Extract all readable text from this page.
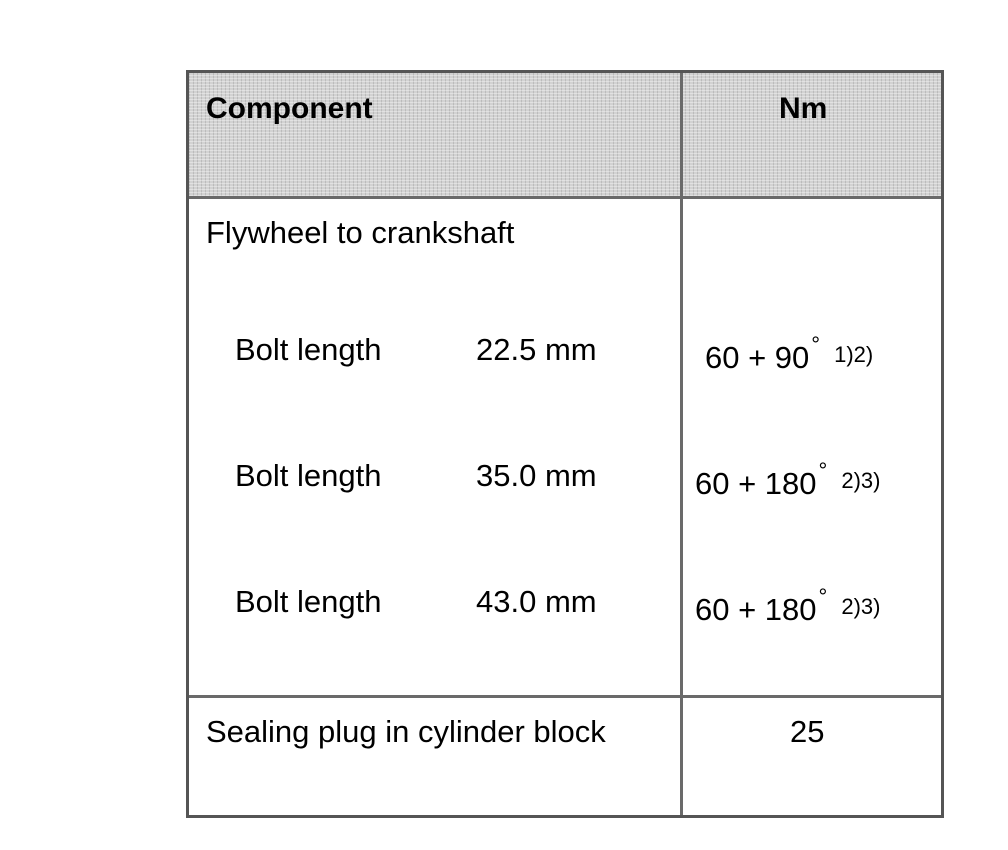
Component	Nm
Flywheel to crankshaft
Bolt length	22.5 mm	60 + 90° 1)2)
Bolt length	35.0 mm	60 + 180° 2)3)
Bolt length	43.0 mm	60 + 180° 2)3)
Sealing plug in cylinder block	25
